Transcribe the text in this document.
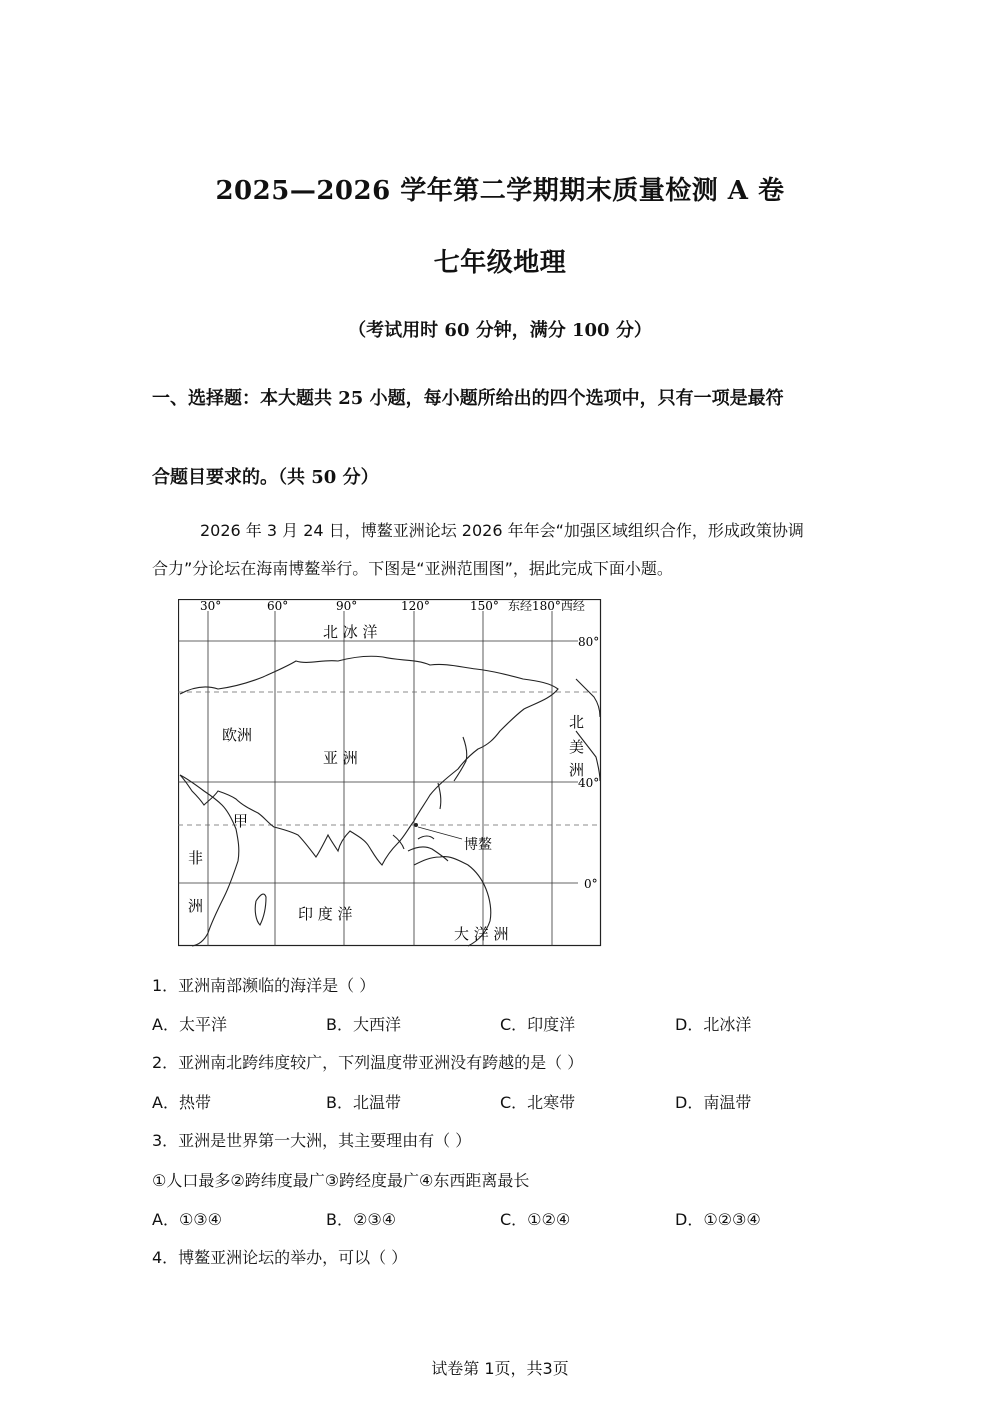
2025—2026 学年第二学期期末质量检测 A 卷
七年级地理
（考试用时 60 分钟，满分 100 分）
一、选择题：本大题共 25 小题，每小题所给出的四个选项中，只有一项是最符
合题目要求的。（共 50 分）
2026 年 3 月 24 日，博鳌亚洲论坛 2026 年年会“加强区域组织合作，形成政策协调
合力”分论坛在海南博鳌举行。下图是“亚洲范围图”，据此完成下面小题。
30°	60°	90°	120°	150° 东经180°西经
80°
40°
0°
北 冰 洋
欧洲
亚 洲
北
美
洲
甲
非
洲	印 度 洋
博鳌
大 洋 洲
1．亚洲南部濒临的海洋是（ ）
A．太平洋	B．大西洋	C．印度洋	D．北冰洋
2．亚洲南北跨纬度较广，下列温度带亚洲没有跨越的是（ ）
A．热带	B．北温带	C．北寒带	D．南温带
3．亚洲是世界第一大洲，其主要理由有（ ）
①人口最多②跨纬度最广③跨经度最广④东西距离最长
A．①③④	B．②③④	C．①②④	D．①②③④
4．博鳌亚洲论坛的举办，可以（ ）
试卷第 1页，共3页
